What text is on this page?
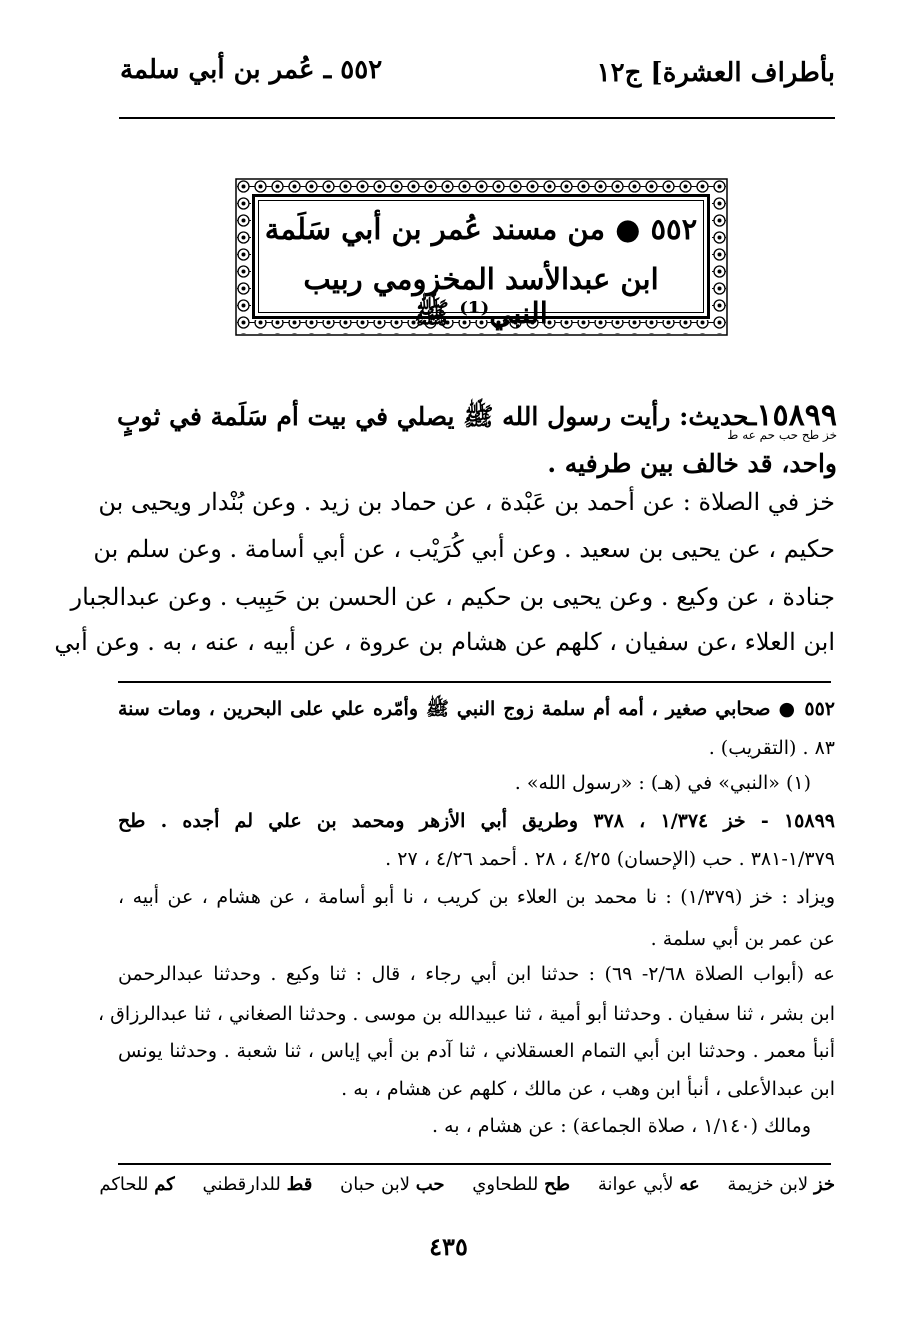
بأطراف العشرة] ج١٢
٥٥٢ ـ عُمر بن أبي سلمة
٥٥٢ ● من مسند عُمر بن أبي سَلَمة
ابن عبدالأسد المخزومي ربيب النبي⁽¹⁾ ﷺ
١٥٨٩٩ـحديث: رأيت رسول الله ﷺ يصلي في بيت أم سَلَمة في ثوبٍ
خز طح حب حم عه ط
واحد، قد خالف بين طرفيه .
خز في الصلاة : عن أحمد بن عَبْدة ، عن حماد بن زيد . وعن بُنْدار ويحيى بن
حكيم ، عن يحيى بن سعيد . وعن أبي كُرَيْب ، عن أبي أسامة . وعن سلم بن
جنادة ، عن وكيع . وعن يحيى بن حكيم ، عن الحسن بن حَبِيب . وعن عبدالجبار
ابن العلاء ،عن سفيان ، كلهم عن هشام بن عروة ، عن أبيه ، عنه ، به . وعن أبي
٥٥٢ ● صحابي صغير ، أمه أم سلمة زوج النبي ﷺ وأمّره علي على البحرين ، ومات سنة
٨٣ . (التقريب) .
(١) «النبي» في (هـ) : «رسول الله» .
١٥٨٩٩ - خز ١/٣٧٤ ، ٣٧٨ وطريق أبي الأزهر ومحمد بن علي لم أجده . طح
١/٣٧٩-٣٨١ . حب (الإحسان) ٤/٢٥ ، ٢٨ . أحمد ٤/٢٦ ، ٢٧ .
ويزاد : خز (١/٣٧٩) : نا محمد بن العلاء بن كريب ، نا أبو أسامة ، عن هشام ، عن أبيه ،
عن عمر بن أبي سلمة .
عه (أبواب الصلاة ٢/٦٨- ٦٩) : حدثنا ابن أبي رجاء ، قال : ثنا وكيع . وحدثنا عبدالرحمن
ابن بشر ، ثنا سفيان . وحدثنا أبو أمية ، ثنا عبيدالله بن موسى . وحدثنا الصغاني ، ثنا عبدالرزاق ،
أنبأ معمر . وحدثنا ابن أبي التمام العسقلاني ، ثنا آدم بن أبي إياس ، ثنا شعبة . وحدثنا يونس
ابن عبدالأعلى ، أنبأ ابن وهب ، عن مالك ، كلهم عن هشام ، به .
ومالك (١/١٤٠ ، صلاة الجماعة) : عن هشام ، به .
خز لابن خزيمة عه لأبي عوانة طح للطحاوي حب لابن حبان قط للدارقطني كم للحاكم
٤٣٥
